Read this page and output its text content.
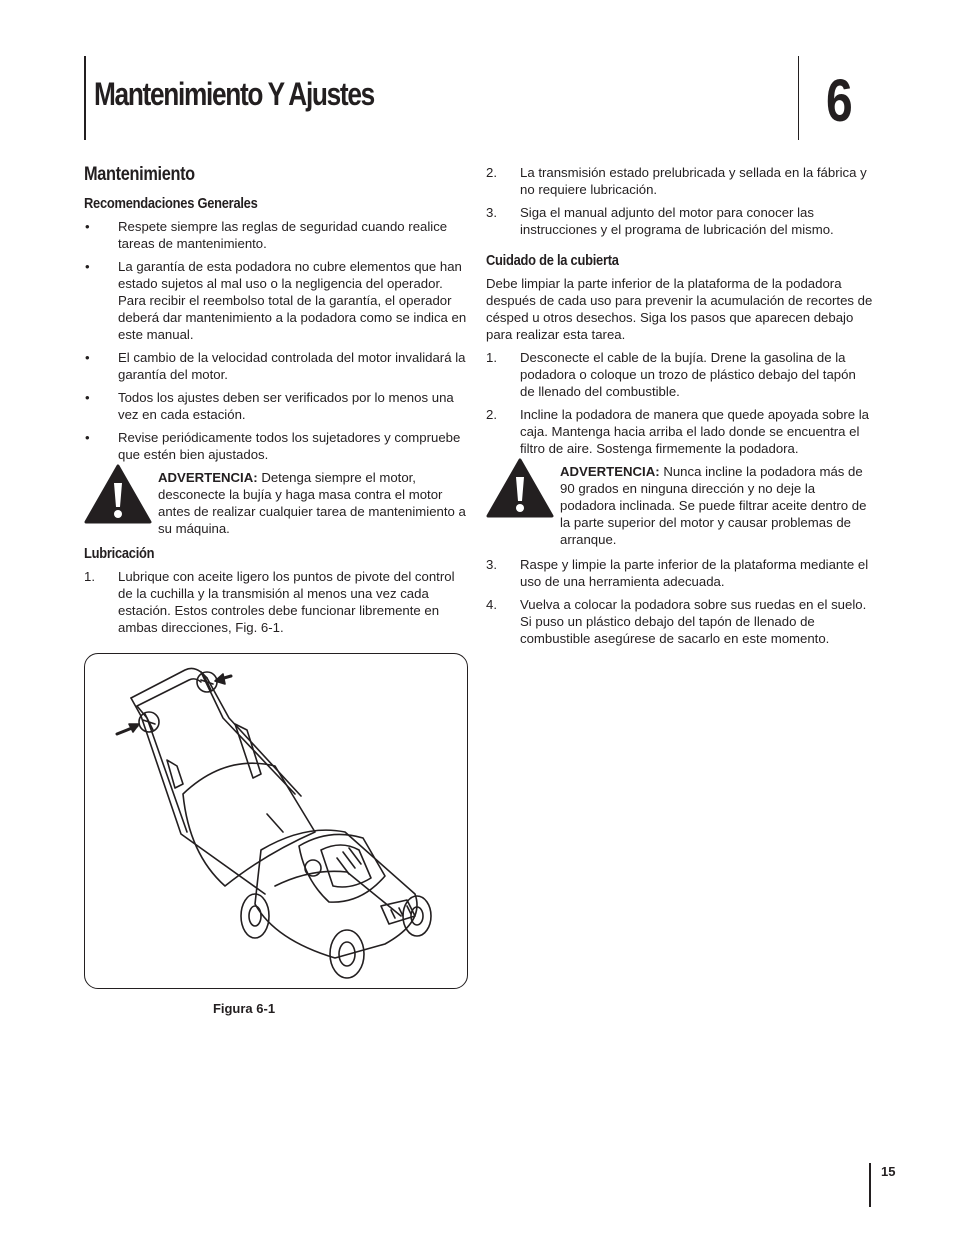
Mantenimiento Y Ajustes	6
Mantenimiento
Recomendaciones Generales
• Respete siempre las reglas de seguridad cuando realice tareas de mantenimiento.
• La garantía de esta podadora no cubre elementos que han estado sujetos al mal uso o la negligencia del operador. Para recibir el reembolso total de la garantía, el operador deberá dar mantenimiento a la podadora como se indica en este manual.
• El cambio de la velocidad controlada del motor invalidará la garantía del motor.
• Todos los ajustes deben ser verificados por lo menos una vez en cada estación.
• Revise periódicamente todos los sujetadores y compruebe que estén bien ajustados.
ADVERTENCIA: Detenga siempre el motor, desconecte la bujía y haga masa contra el motor antes de realizar cualquier tarea de mantenimiento a su máquina.
Lubricación
1. Lubrique con aceite ligero los puntos de pivote del control de la cuchilla y la transmisión al menos una vez cada estación. Estos controles debe funcionar libremente en ambas direcciones, Fig. 6-1.
Figura 6-1
2. La transmisión estado prelubricada y sellada en la fábrica y no requiere lubricación.
3. Siga el manual adjunto del motor para conocer las instrucciones y el programa de lubricación del mismo.
Cuidado de la cubierta

Debe limpiar la parte inferior de la plataforma de la podadora después de cada uso para prevenir la acumulación de recortes de césped u otros desechos. Siga los pasos que aparecen debajo para realizar esta tarea.

1. Desconecte el cable de la bujía. Drene la gasolina de la podadora o coloque un trozo de plástico debajo del tapón de llenado del combustible.
2. Incline la podadora de manera que quede apoyada sobre la caja. Mantenga hacia arriba el lado donde se encuentra el filtro de aire. Sostenga firmemente la podadora.
ADVERTENCIA: Nunca incline la podadora más de 90 grados en ninguna dirección y no deje la podadora inclinada. Se puede filtrar aceite dentro de la parte superior del motor y causar problemas de arranque.
3. Raspe y limpie la parte inferior de la plataforma mediante el uso de una herramienta adecuada.
4. Vuelva a colocar la podadora sobre sus ruedas en el suelo. Si puso un plástico debajo del tapón de llenado de combustible asegúrese de sacarlo en este momento.
15
